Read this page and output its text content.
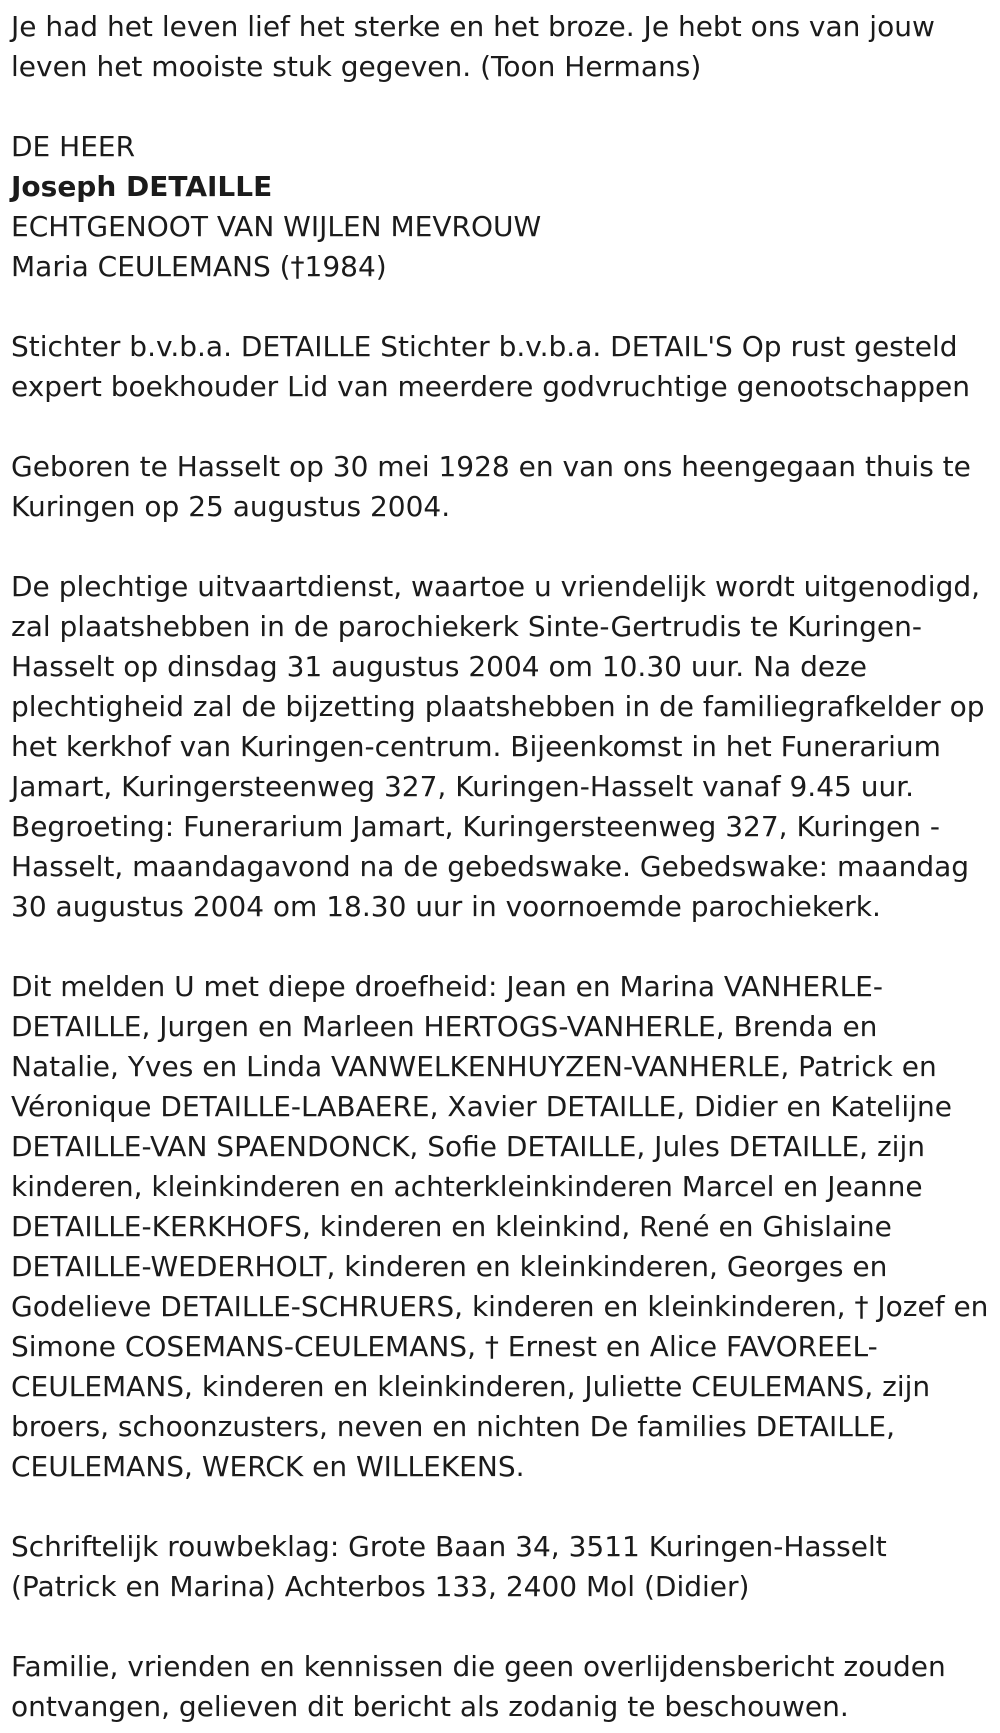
Je had het leven lief het sterke en het broze. Je hebt ons van jouw leven het mooiste stuk gegeven. (Toon Hermans)

DE HEER
Joseph DETAILLE
ECHTGENOOT VAN WIJLEN MEVROUW
Maria CEULEMANS (†1984)

Stichter b.v.b.a. DETAILLE Stichter b.v.b.a. DETAIL'S Op rust gesteld expert boekhouder Lid van meerdere godvruchtige genootschappen

Geboren te Hasselt op 30 mei 1928 en van ons heengegaan thuis te Kuringen op 25 augustus 2004.

De plechtige uitvaartdienst, waartoe u vriendelijk wordt uitgenodigd, zal plaatshebben in de parochiekerk Sinte-Gertrudis te Kuringen-Hasselt op dinsdag 31 augustus 2004 om 10.30 uur. Na deze plechtigheid zal de bijzetting plaatshebben in de familiegrafkelder op het kerkhof van Kuringen-centrum. Bijeenkomst in het Funerarium Jamart, Kuringersteenweg 327, Kuringen-Hasselt vanaf 9.45 uur. Begroeting: Funerarium Jamart, Kuringersteenweg 327, Kuringen - Hasselt, maandagavond na de gebedswake. Gebedswake: maandag 30 augustus 2004 om 18.30 uur in voornoemde parochiekerk.

Dit melden U met diepe droefheid: Jean en Marina VANHERLE-DETAILLE, Jurgen en Marleen HERTOGS-VANHERLE, Brenda en Natalie, Yves en Linda VANWELKENHUYZEN-VANHERLE, Patrick en Véronique DETAILLE-LABAERE, Xavier DETAILLE, Didier en Katelijne DETAILLE-VAN SPAENDONCK, Sofie DETAILLE, Jules DETAILLE, zijn kinderen, kleinkinderen en achterkleinkinderen Marcel en Jeanne DETAILLE-KERKHOFS, kinderen en kleinkind, René en Ghislaine DETAILLE-WEDERHOLT, kinderen en kleinkinderen, Georges en Godelieve DETAILLE-SCHRUERS, kinderen en kleinkinderen, † Jozef en Simone COSEMANS-CEULEMANS, † Ernest en Alice FAVOREEL-CEULEMANS, kinderen en kleinkinderen, Juliette CEULEMANS, zijn broers, schoonzusters, neven en nichten De families DETAILLE, CEULEMANS, WERCK en WILLEKENS.

Schriftelijk rouwbeklag: Grote Baan 34, 3511 Kuringen-Hasselt (Patrick en Marina) Achterbos 133, 2400 Mol (Didier)

Familie, vrienden en kennissen die geen overlijdensbericht zouden ontvangen, gelieven dit bericht als zodanig te beschouwen.
